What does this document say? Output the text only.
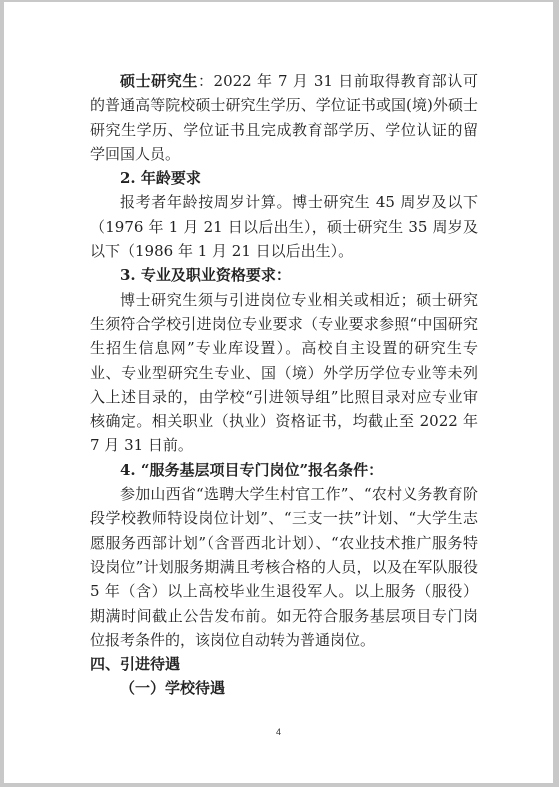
硕士研究生：2022 年 7 月 31 日前取得教育部认可的普通高等院校硕士研究生学历、学位证书或国(境)外硕士研究生学历、学位证书且完成教育部学历、学位认证的留学回国人员。

2. 年龄要求

报考者年龄按周岁计算。博士研究生 45 周岁及以下（1976 年 1 月 21 日以后出生），硕士研究生 35 周岁及以下（1986 年 1 月 21 日以后出生）。

3. 专业及职业资格要求：

博士研究生须与引进岗位专业相关或相近；硕士研究生须符合学校引进岗位专业要求（专业要求参照“中国研究生招生信息网”专业库设置）。高校自主设置的研究生专业、专业型研究生专业、国（境）外学历学位专业等未列入上述目录的，由学校“引进领导组”比照目录对应专业审核确定。相关职业（执业）资格证书，均截止至 2022 年 7 月 31 日前。

4. “服务基层项目专门岗位”报名条件：

参加山西省“选聘大学生村官工作”、“农村义务教育阶段学校教师特设岗位计划”、“三支一扶”计划、“大学生志愿服务西部计划”（含晋西北计划）、“农业技术推广服务特设岗位”计划服务期满且考核合格的人员，以及在军队服役 5 年（含）以上高校毕业生退役军人。以上服务（服役）期满时间截止公告发布前。如无符合服务基层项目专门岗位报考条件的，该岗位自动转为普通岗位。

四、引进待遇

（一）学校待遇

4
